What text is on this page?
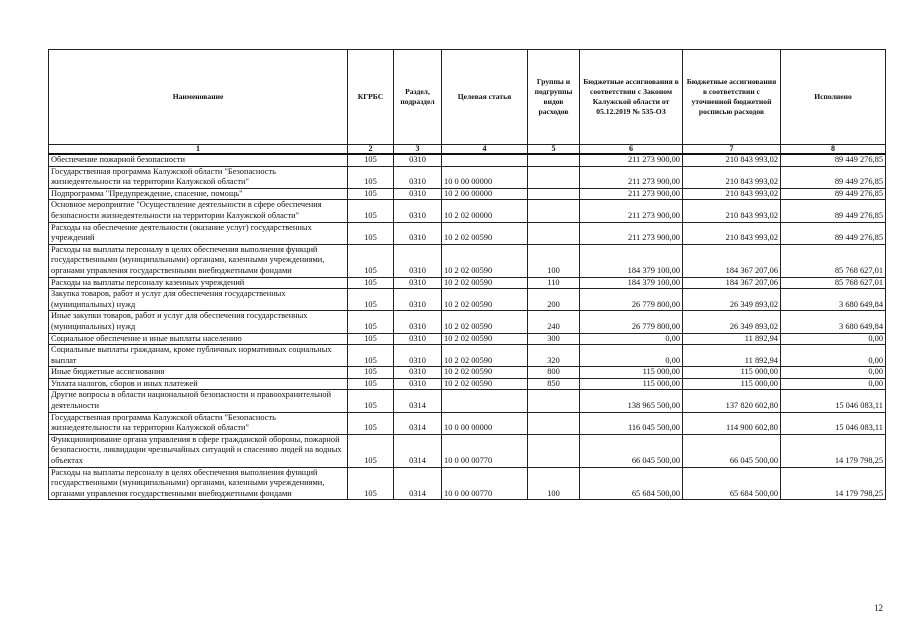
Наименование	КГРБС	Раздел, подраздел	Целевая статья	Группы и подгруппы видов расходов	Бюджетные ассигнования в соответствии с Законом Калужской области от 05.12.2019 № 535-ОЗ	Бюджетные ассигнования в соответствии с уточненной бюджетной росписью расходов	Исполнено
1	2	3	4	5	6	7	8
Обеспечение пожарной безопасности	105	0310			211 273 900,00	210 843 993,02	89 449 276,85
Государственная программа Калужской области "Безопасность жизнедеятельности на территории Калужской области"	105	0310	10 0 00 00000		211 273 900,00	210 843 993,02	89 449 276,85
Подпрограмма "Предупреждение, спасение, помощь"	105	0310	10 2 00 00000		211 273 900,00	210 843 993,02	89 449 276,85
Основное мероприятие "Осуществление деятельности в сфере обеспечения безопасности жизнедеятельности на территории Калужской области"	105	0310	10 2 02 00000		211 273 900,00	210 843 993,02	89 449 276,85
Расходы на обеспечение деятельности (оказание услуг) государственных учреждений	105	0310	10 2 02 00590		211 273 900,00	210 843 993,02	89 449 276,85
Расходы на выплаты персоналу в целях обеспечения выполнения функций государственными (муниципальными) органами, казенными учреждениями, органами управления государственными внебюджетными фондами	105	0310	10 2 02 00590	100	184 379 100,00	184 367 207,06	85 768 627,01
Расходы на выплаты персоналу казенных учреждений	105	0310	10 2 02 00590	110	184 379 100,00	184 367 207,06	85 768 627,01
Закупка товаров, работ и услуг для обеспечения государственных (муниципальных) нужд	105	0310	10 2 02 00590	200	26 779 800,00	26 349 893,02	3 680 649,84
Иные закупки товаров, работ и услуг для обеспечения государственных (муниципальных) нужд	105	0310	10 2 02 00590	240	26 779 800,00	26 349 893,02	3 680 649,84
Социальное обеспечение и иные выплаты населению	105	0310	10 2 02 00590	300	0,00	11 892,94	0,00
Социальные выплаты гражданам, кроме публичных нормативных социальных выплат	105	0310	10 2 02 00590	320	0,00	11 892,94	0,00
Иные бюджетные ассигнования	105	0310	10 2 02 00590	800	115 000,00	115 000,00	0,00
Уплата налогов, сборов и иных платежей	105	0310	10 2 02 00590	850	115 000,00	115 000,00	0,00
Другие вопросы в области национальной безопасности и правоохранительной деятельности	105	0314			138 965 500,00	137 820 602,80	15 046 083,11
Государственная программа Калужской области "Безопасность жизнедеятельности на территории Калужской области"	105	0314	10 0 00 00000		116 045 500,00	114 900 602,80	15 046 083,11
Функционирование органа управления в сфере гражданской обороны, пожарной безопасности, ликвидации чрезвычайных ситуаций и спасению людей на водных объектах	105	0314	10 0 00 00770		66 045 500,00	66 045 500,00	14 179 798,25
Расходы на выплаты персоналу в целях обеспечения выполнения функций государственными (муниципальными) органами, казенными учреждениями, органами управления государственными внебюджетными фондами	105	0314	10 0 00 00770	100	65 684 500,00	65 684 500,00	14 179 798,25
12
